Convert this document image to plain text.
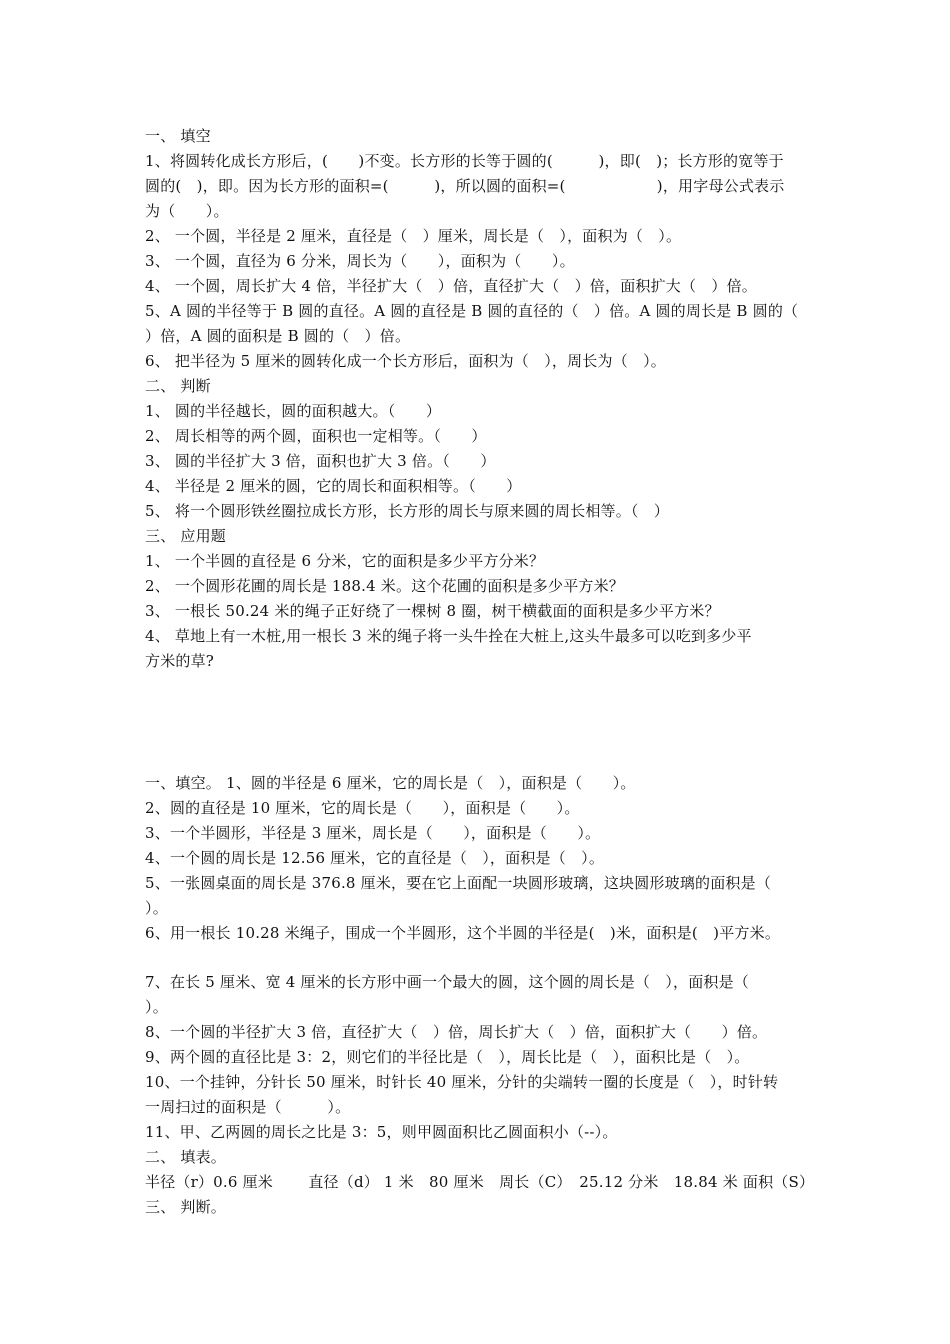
一、 填空
1、将圆转化成长方形后，(　　)不变。长方形的长等于圆的(　　　)，即(　)；长方形的宽等于
圆的(　)，即。因为长方形的面积=(　　　)，所以圆的面积=(　　　　　　)，用字母公式表示
为（　　）。
2、 一个圆，半径是 2 厘米，直径是（　）厘米，周长是（　），面积为（　）。
3、 一个圆，直径为 6 分米，周长为（　　），面积为（　　）。
4、 一个圆，周长扩大 4 倍，半径扩大（　）倍，直径扩大（　）倍，面积扩大（　）倍。
5、A 圆的半径等于 B 圆的直径。A 圆的直径是 B 圆的直径的（　）倍。A 圆的周长是 B 圆的（
）倍，A 圆的面积是 B 圆的（　）倍。
6、 把半径为 5 厘米的圆转化成一个长方形后，面积为（　），周长为（　）。
二、 判断
1、 圆的半径越长，圆的面积越大。（　　）
2、 周长相等的两个圆，面积也一定相等。（　　）
3、 圆的半径扩大 3 倍，面积也扩大 3 倍。（　　）
4、 半径是 2 厘米的圆，它的周长和面积相等。（　　）
5、 将一个圆形铁丝圈拉成长方形，长方形的周长与原来圆的周长相等。（　）
三、 应用题
1、 一个半圆的直径是 6 分米，它的面积是多少平方分米？
2、 一个圆形花圃的周长是 188.4 米。这个花圃的面积是多少平方米？
3、 一根长 50.24 米的绳子正好绕了一棵树 8 圈，树干横截面的面积是多少平方米？
4、 草地上有一木桩,用一根长 3 米的绳子将一头牛拴在大桩上,这头牛最多可以吃到多少平
方米的草?
一、填空。 1、圆的半径是 6 厘米，它的周长是（　），面积是（　　）。
2、圆的直径是 10 厘米，它的周长是（　　），面积是（　　）。
3、一个半圆形，半径是 3 厘米，周长是（　　），面积是（　　）。
4、一个圆的周长是 12.56 厘米，它的直径是（　），面积是（　）。
5、一张圆桌面的周长是 376.8 厘米，要在它上面配一块圆形玻璃，这块圆形玻璃的面积是（
）。
6、用一根长 10.28 米绳子，围成一个半圆形，这个半圆的半径是(　)米，面积是(　)平方米。
7、在长 5 厘米、宽 4 厘米的长方形中画一个最大的圆，这个圆的周长是（　），面积是（
）。
8、一个圆的半径扩大 3 倍，直径扩大（　）倍，周长扩大（　）倍，面积扩大（　　）倍。
9、两个圆的直径比是 3：2，则它们的半径比是（　），周长比是（　），面积比是（　）。
10、一个挂钟，分针长 50 厘米，时针长 40 厘米，分针的尖端转一圈的长度是（　），时针转
一周扫过的面积是（　　　）。
11、甲、乙两圆的周长之比是 3：5，则甲圆面积比乙圆面积小（--）。
二、 填表。
半径（r）0.6 厘米　　 直径（d） 1 米　80 厘米　周长（C）　25.12 分米　18.84 米 面积（S）
三、 判断。
